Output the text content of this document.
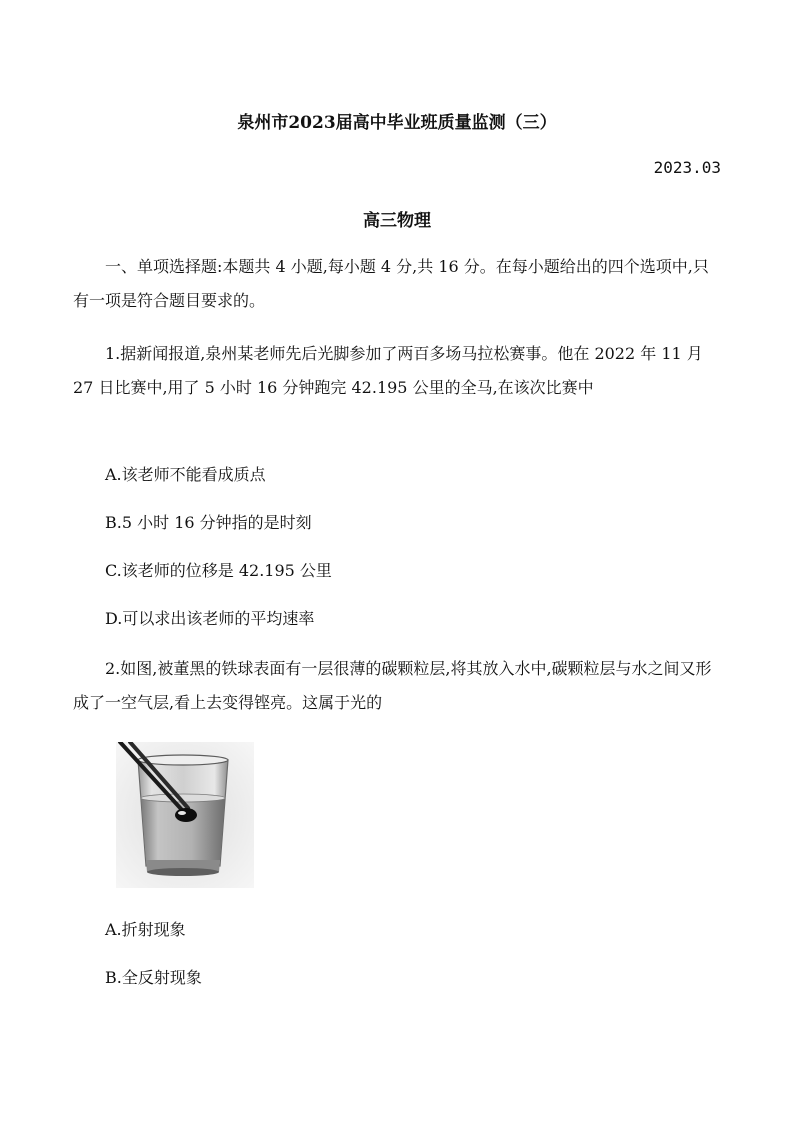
泉州市2023届高中毕业班质量监测（三）
2023.03
高三物理
一、单项选择题:本题共 4 小题,每小题 4 分,共 16 分。在每小题给出的四个选项中,只有一项是符合题目要求的。
1.据新闻报道,泉州某老师先后光脚参加了两百多场马拉松赛事。他在 2022 年 11 月 27 日比赛中,用了 5 小时 16 分钟跑完 42.195 公里的全马,在该次比赛中
A.该老师不能看成质点
B.5 小时 16 分钟指的是时刻
C.该老师的位移是 42.195 公里
D.可以求出该老师的平均速率
2.如图,被董黑的铁球表面有一层很薄的碳颗粒层,将其放入水中,碳颗粒层与水之间又形成了一空气层,看上去变得铿亮。这属于光的
A.折射现象
B.全反射现象
